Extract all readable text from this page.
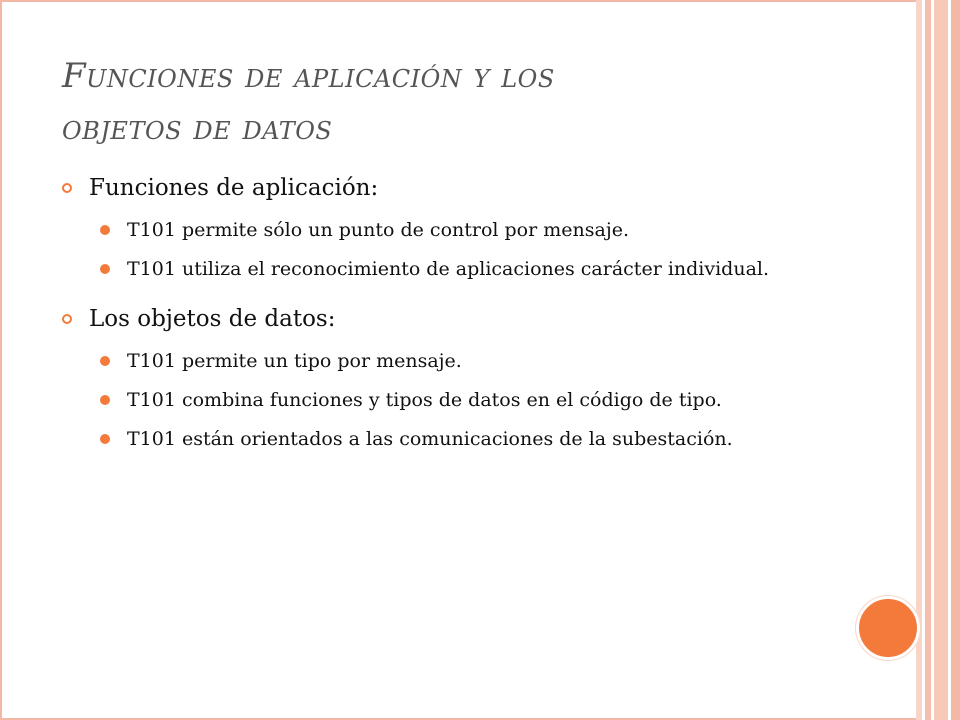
Funciones de aplicación y los
objetos de datos
Funciones de aplicación:
T101 permite sólo un punto de control por mensaje.
T101 utiliza el reconocimiento de aplicaciones carácter individual.
Los objetos de datos:
T101 permite un tipo por mensaje.
T101 combina funciones y tipos de datos en el código de tipo.
T101 están orientados a las comunicaciones de la subestación.
